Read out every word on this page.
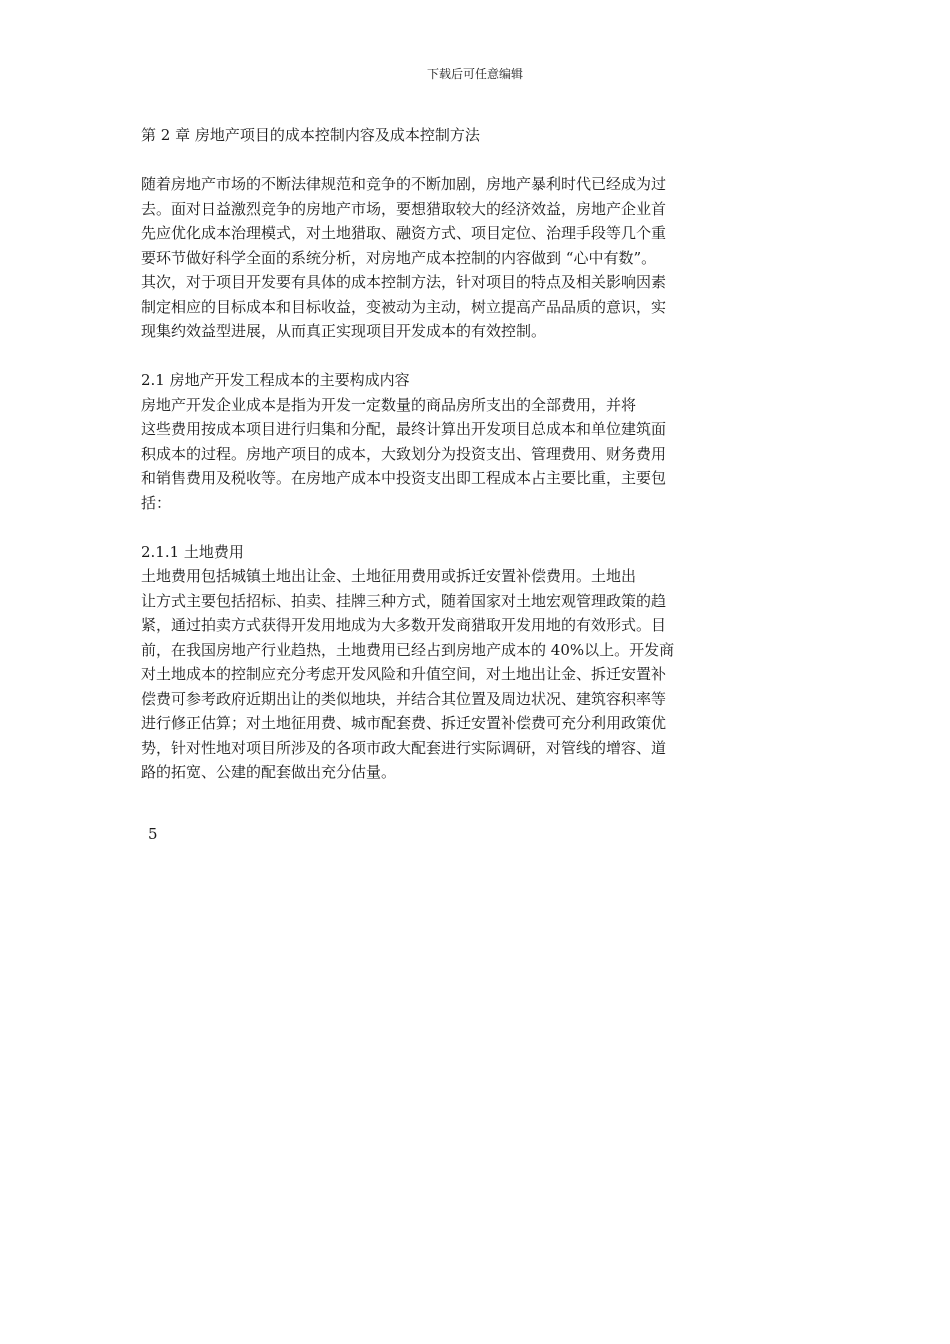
下载后可任意编辑
第 2 章 房地产项目的成本控制内容及成本控制方法
随着房地产市场的不断法律规范和竞争的不断加剧，房地产暴利时代已经成为过
去。面对日益激烈竞争的房地产市场，要想猎取较大的经济效益，房地产企业首
先应优化成本治理模式，对土地猎取、融资方式、项目定位、治理手段等几个重
要环节做好科学全面的系统分析，对房地产成本控制的内容做到 “心中有数”。
其次，对于项目开发要有具体的成本控制方法，针对项目的特点及相关影响因素
制定相应的目标成本和目标收益，变被动为主动，树立提高产品品质的意识，实
现集约效益型进展，从而真正实现项目开发成本的有效控制。
2.1 房地产开发工程成本的主要构成内容
房地产开发企业成本是指为开发一定数量的商品房所支出的全部费用，并将
这些费用按成本项目进行归集和分配，最终计算出开发项目总成本和单位建筑面
积成本的过程。房地产项目的成本，大致划分为投资支出、管理费用、财务费用
和销售费用及税收等。在房地产成本中投资支出即工程成本占主要比重，主要包
括：
2.1.1 土地费用
土地费用包括城镇土地出让金、土地征用费用或拆迁安置补偿费用。土地出
让方式主要包括招标、拍卖、挂牌三种方式，随着国家对土地宏观管理政策的趋
紧，通过拍卖方式获得开发用地成为大多数开发商猎取开发用地的有效形式。目
前，在我国房地产行业趋热，土地费用已经占到房地产成本的 40%以上。开发商
对土地成本的控制应充分考虑开发风险和升值空间，对土地出让金、拆迁安置补
偿费可参考政府近期出让的类似地块，并结合其位置及周边状况、建筑容积率等
进行修正估算；对土地征用费、城市配套费、拆迁安置补偿费可充分利用政策优
势，针对性地对项目所涉及的各项市政大配套进行实际调研，对管线的增容、道
路的拓宽、公建的配套做出充分估量。
5
